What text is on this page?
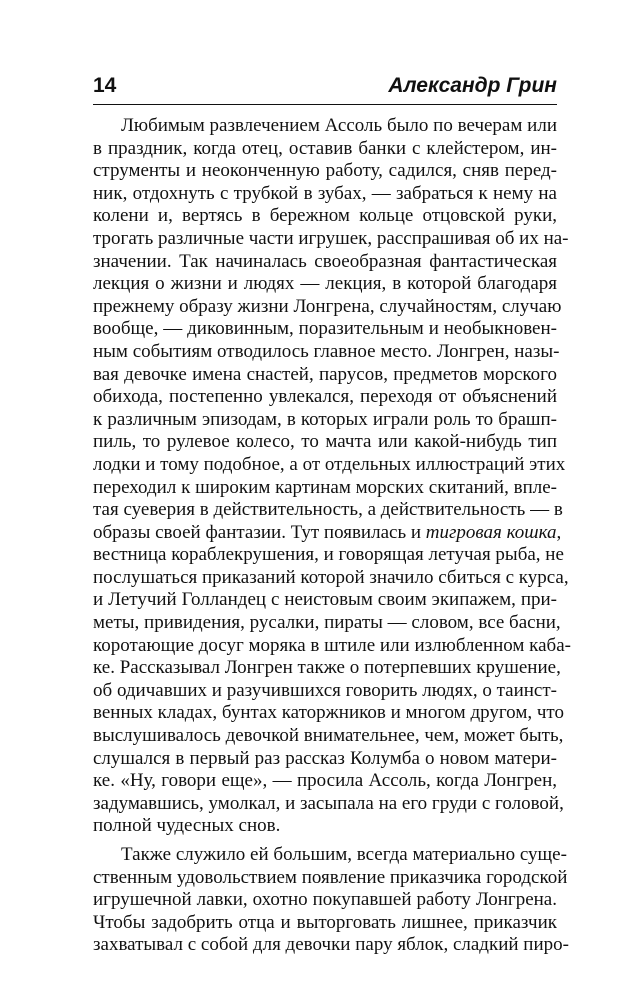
14	Александр Грин
Любимым развлечением Ассоль было по вечерам или
в праздник, когда отец, оставив банки с клейстером, ин-
струменты и неоконченную работу, садился, сняв перед-
ник, отдохнуть с трубкой в зубах, — забраться к нему на
колени и, вертясь в бережном кольце отцовской руки,
трогать различные части игрушек, расспрашивая об их на-
значении. Так начиналась своеобразная фантастическая
лекция о жизни и людях — лекция, в которой благодаря
прежнему образу жизни Лонгрена, случайностям, случаю
вообще, — диковинным, поразительным и необыкновен-
ным событиям отводилось главное место. Лонгрен, назы-
вая девочке имена снастей, парусов, предметов морского
обихода, постепенно увлекался, переходя от объяснений
к различным эпизодам, в которых играли роль то брашп-
пиль, то рулевое колесо, то мачта или какой-нибудь тип
лодки и тому подобное, а от отдельных иллюстраций этих
переходил к широким картинам морских скитаний, впле-
тая суеверия в действительность, а действительность — в
образы своей фантазии. Тут появилась и тигровая кошка,
вестница кораблекрушения, и говорящая летучая рыба, не
послушаться приказаний которой значило сбиться с курса,
и Летучий Голландец с неистовым своим экипажем, при-
меты, привидения, русалки, пираты — словом, все басни,
коротающие досуг моряка в штиле или излюбленном каба-
ке. Рассказывал Лонгрен также о потерпевших крушение,
об одичавших и разучившихся говорить людях, о таинст-
венных кладах, бунтах каторжников и многом другом, что
выслушивалось девочкой внимательнее, чем, может быть,
слушался в первый раз рассказ Колумба о новом матери-
ке. «Ну, говори еще», — просила Ассоль, когда Лонгрен,
задумавшись, умолкал, и засыпала на его груди с головой,
полной чудесных снов.
Также служило ей большим, всегда материально суще-
ственным удовольствием появление приказчика городской
игрушечной лавки, охотно покупавшей работу Лонгрена.
Чтобы задобрить отца и выторговать лишнее, приказчик
захватывал с собой для девочки пару яблок, сладкий пиро-
